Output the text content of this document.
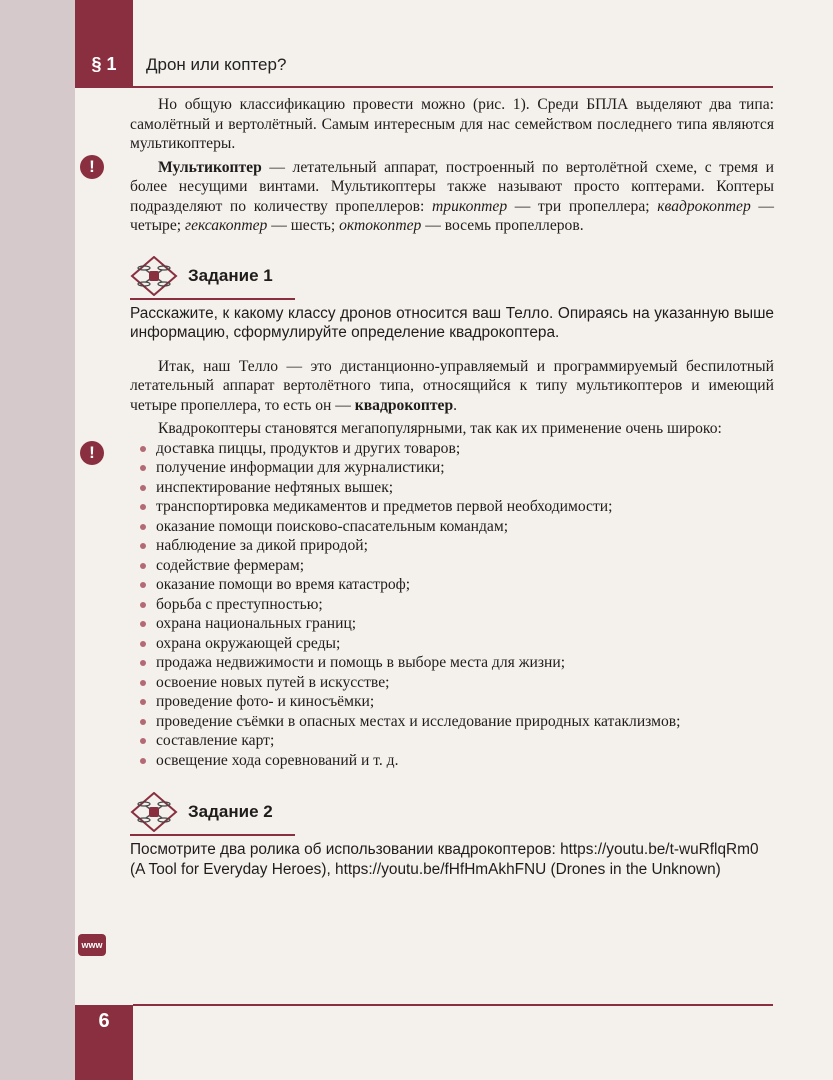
§ 1	Дрон или коптер?
6
!
!
www

Но общую классификацию провести можно (рис. 1). Среди БПЛА выделяют два типа: самолётный и вертолётный. Самым интересным для нас семейством последнего типа являются мультикоптеры.

Мультикоптер — летательный аппарат, построенный по вертолётной схеме, с тремя и более несущими винтами. Мультикоптеры также называют просто коптерами. Коптеры подразделяют по количеству пропеллеров: трикоптер — три пропеллера; квадрокоптер — четыре; гексакоптер — шесть; октокоптер — восемь пропеллеров.

Задание 1

Расскажите, к какому классу дронов относится ваш Телло. Опираясь на указанную выше информацию, сформулируйте определение квадрокоптера.

Итак, наш Телло — это дистанционно-управляемый и программируемый беспилотный летательный аппарат вертолётного типа, относящийся к типу мультикоптеров и имеющий четыре пропеллера, то есть он — квадрокоптер.

Квадрокоптеры становятся мегапопулярными, так как их применение очень широко:

доставка пиццы, продуктов и других товаров;
получение информации для журналистики;
инспектирование нефтяных вышек;
транспортировка медикаментов и предметов первой необходимости;
оказание помощи поисково-спасательным командам;
наблюдение за дикой природой;
содействие фермерам;
оказание помощи во время катастроф;
борьба с преступностью;
охрана национальных границ;
охрана окружающей среды;
продажа недвижимости и помощь в выборе места для жизни;
освоение новых путей в искусстве;
проведение фото- и киносъёмки;
проведение съёмки в опасных местах и исследование природных катаклизмов;
составление карт;
освещение хода соревнований и т. д.
Задание 2

Посмотрите два ролика об использовании квадрокоптеров: https://youtu.be/t-wuRflqRm0 (A Tool for Everyday Heroes), https://youtu.be/fHfHmAkhFNU (Drones in the Unknown)
